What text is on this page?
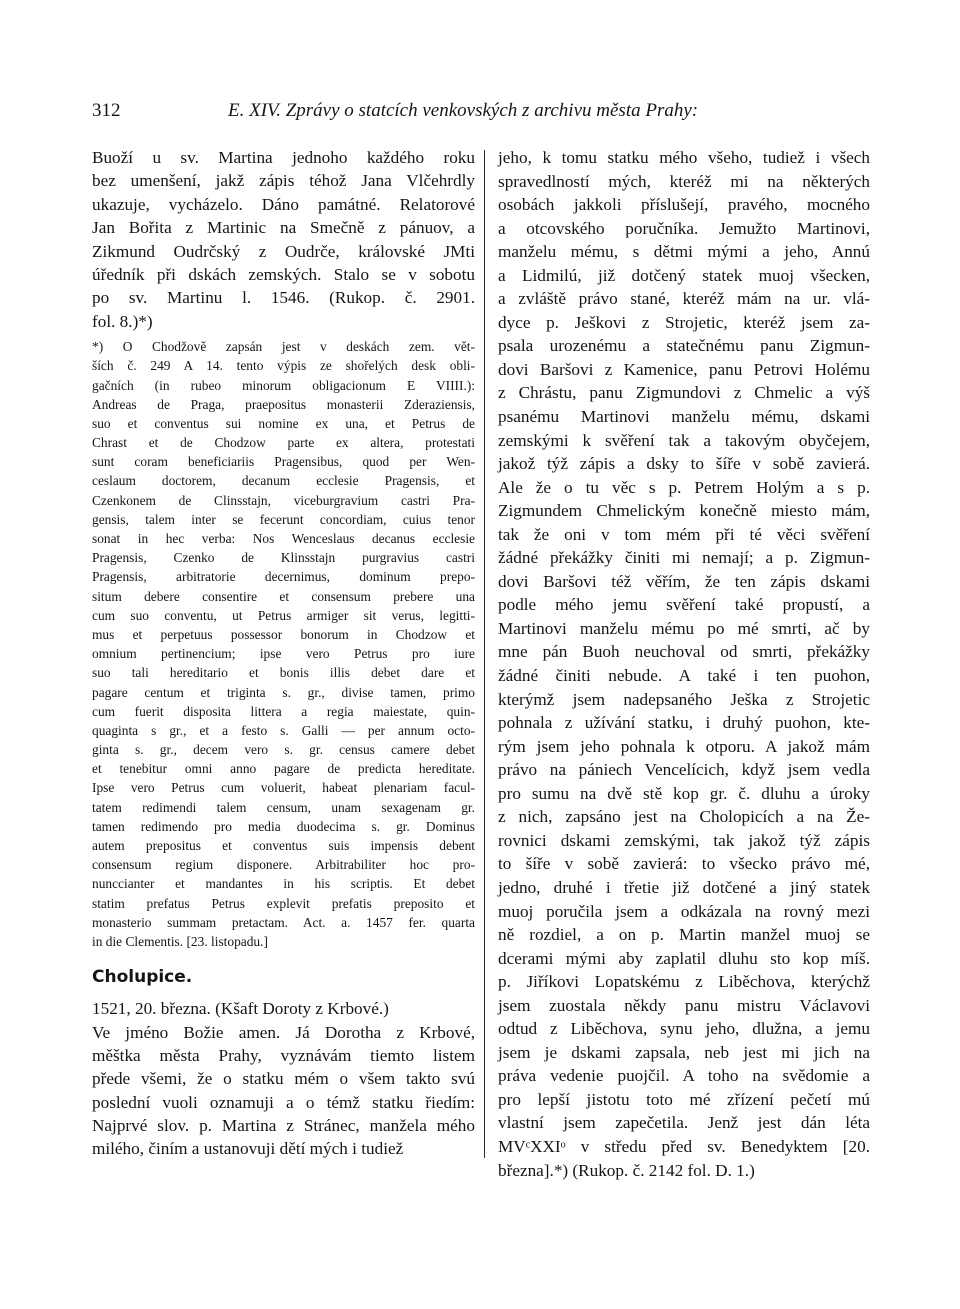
312	E. XIV. Zprávy o statcích venkovských z archivu města Prahy:
Buoží u sv. Martina jednoho každého roku
bez umenšení, jakž zápis téhož Jana Vlčehrdly
ukazuje, vycházelo. Dáno památné. Relatorové
Jan Bořita z Martinic na Smečně z pánuov, a
Zikmund Oudrčský z Oudrče, královské JMti
úředník při dskách zemských. Stalo se v sobotu
po sv. Martinu l. 1546. (Rukop. č. 2901.
fol. 8.)*)
*) O Chodžově zapsán jest v deskách zem. vět-
ších č. 249 A 14. tento výpis ze shořelých desk obli-
gačních (in rubeo minorum obligacionum E VIIII.):
Andreas de Praga, praepositus monasterii Zderaziensis,
suo et conventus sui nomine ex una, et Petrus de
Chrast et de Chodzow parte ex altera, protestati
sunt coram beneficiariis Pragensibus, quod per Wen-
ceslaum doctorem, decanum ecclesie Pragensis, et
Czenkonem de Clinsstajn, viceburgravium castri Pra-
gensis, talem inter se fecerunt concordiam, cuius tenor
sonat in hec verba: Nos Wenceslaus decanus ecclesie
Pragensis, Czenko de Klinsstajn purgravius castri
Pragensis, arbitratorie decernimus, dominum prepo-
situm debere consentire et consensum prebere una
cum suo conventu, ut Petrus armiger sit verus, legitti-
mus et perpetuus possessor bonorum in Chodzow et
omnium pertinencium; ipse vero Petrus pro iure
suo tali hereditario et bonis illis debet dare et
pagare centum et triginta s. gr., divise tamen, primo
cum fuerit disposita littera a regia maiestate, quin-
quaginta s gr., et a festo s. Galli — per annum octo-
ginta s. gr., decem vero s. gr. census camere debet
et tenebitur omni anno pagare de predicta hereditate.
Ipse vero Petrus cum voluerit, habeat plenariam facul-
tatem redimendi talem censum, unam sexagenam gr.
tamen redimendo pro media duodecima s. gr. Dominus
autem prepositus et conventus suis impensis debent
consensum regium disponere. Arbitrabiliter hoc pro-
nunccianter et mandantes in his scriptis. Et debet
statim prefatus Petrus explevit prefatis preposito et
monasterio summam pretactam. Act. a. 1457 fer. quarta
in die Clementis. [23. listopadu.]
Cholupice.
1521, 20. března. (Kšaft Doroty z Krbové.)
Ve jméno Božie amen. Já Dorotha z Krbové,
měštka města Prahy, vyznávám tiemto listem
přede všemi, že o statku mém o všem takto svú
poslední vuoli oznamuji a o témž statku řiedím:
Najprvé slov. p. Martina z Stránec, manžela mého
milého, činím a ustanovuji dětí mých i tudiež
jeho, k tomu statku mého všeho, tudiež i všech
spravedlností mých, kteréž mi na některých
osobách jakkoli příslušejí, pravého, mocného
a otcovského poručníka. Jemužto Martinovi,
manželu mému, s dětmi mými a jeho, Annú
a Lidmilú, již dotčený statek muoj všecken,
a zvláště právo stané, kteréž mám na ur. vlá-
dyce p. Ješkovi z Strojetic, kteréž jsem za-
psala urozenému a statečnému panu Zigmun-
dovi Baršovi z Kamenice, panu Petrovi Holému
z Chrástu, panu Zigmundovi z Chmelic a výš
psanému Martinovi manželu mému, dskami
zemskými k svěření tak a takovým obyčejem,
jakož týž zápis a dsky to šíře v sobě zavierá.
Ale že o tu věc s p. Petrem Holým a s p.
Zigmundem Chmelickým konečně miesto mám,
tak že oni v tom mém při té věci svěření
žádné překážky činiti mi nemají; a p. Zigmun-
dovi Baršovi též věřím, že ten zápis dskami
podle mého jemu svěření také propustí, a
Martinovi manželu mému po mé smrti, ač by
mne pán Buoh neuchoval od smrti, překážky
žádné činiti nebude. A také i ten puohon,
kterýmž jsem nadepsaného Ješka z Strojetic
pohnala z užívání statku, i druhý puohon, kte-
rým jsem jeho pohnala k otporu. A jakož mám
právo na pániech Vencelícich, když jsem vedla
pro sumu na dvě stě kop gr. č. dluhu a úroky
z nich, zapsáno jest na Cholopicích a na Že-
rovnici dskami zemskými, tak jakož týž zápis
to šíře v sobě zavierá: to všecko právo mé,
jedno, druhé i třetie již dotčené a jiný statek
muoj poručila jsem a odkázala na rovný mezi
ně rozdiel, a on p. Martin manžel muoj se
dcerami mými aby zaplatil dluhu sto kop míš.
p. Jiříkovi Lopatskému z Liběchova, kterýchž
jsem zuostala někdy panu mistru Václavovi
odtud z Liběchova, synu jeho, dlužna, a jemu
jsem je dskami zapsala, neb jest mi jich na
práva vedenie puojčil. A toho na svědomie a
pro lepší jistotu toto mé zřízení pečetí mú
vlastní jsem zapečetila. Jenž jest dán léta
MVᶜXXIᵒ v středu před sv. Benedyktem [20.
března].*) (Rukop. č. 2142 fol. D. 1.)
